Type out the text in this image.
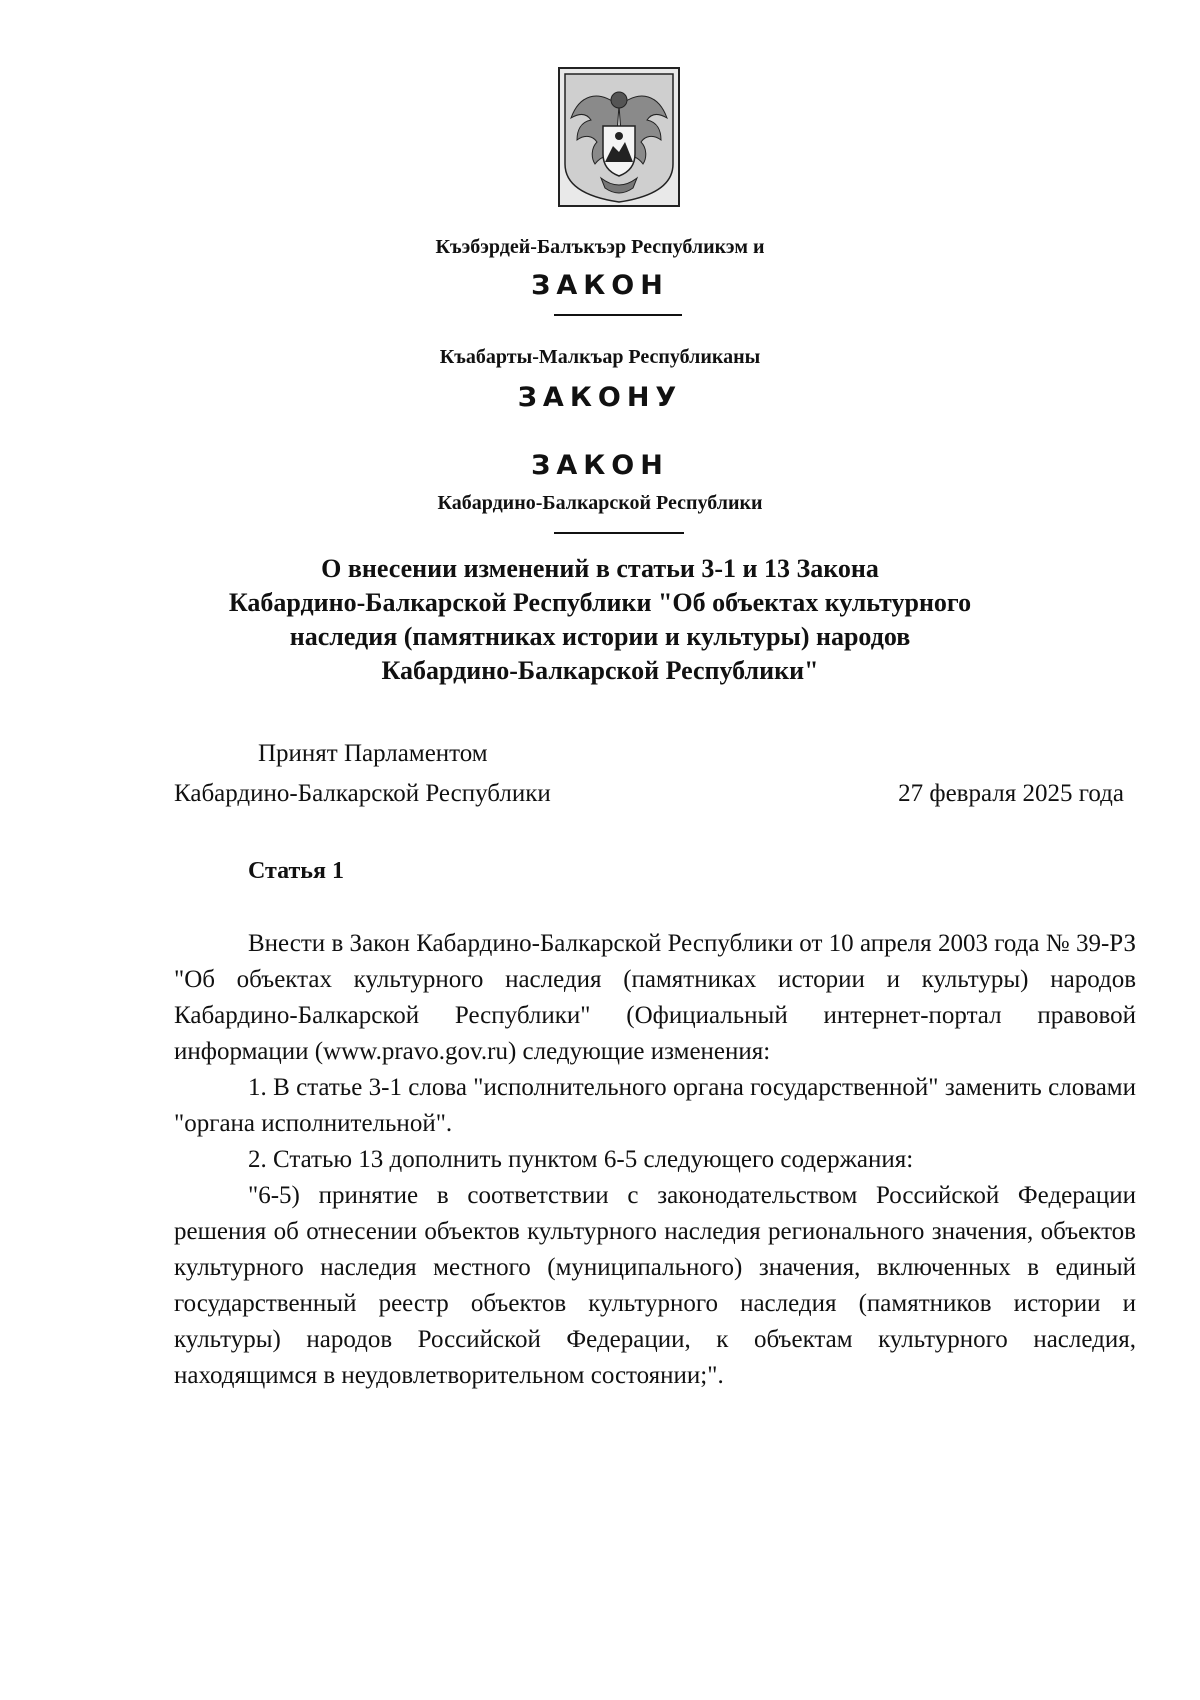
Къэбэрдей-Балъкъэр Республикэм и
ЗАКОН
Къабарты-Малкъар Республиканы
ЗАКОНУ
ЗАКОН
Кабардино-Балкарской Республики
О внесении изменений в статьи 3-1 и 13 Закона
Кабардино-Балкарской Республики "Об объектах культурного
наследия (памятниках истории и культуры) народов
Кабардино-Балкарской Республики"
Принят Парламентом
Кабардино-Балкарской Республики	27 февраля 2025 года
Статья 1

Внести в Закон Кабардино-Балкарской Республики от 10 апреля 2003 года № 39-РЗ "Об объектах культурного наследия (памятниках истории и культуры) народов Кабардино-Балкарской Республики" (Официальный интернет-портал правовой информации (www.pravo.gov.ru) следующие изменения:

1. В статье 3-1 слова "исполнительного органа государственной" заменить словами "органа исполнительной".

2. Статью 13 дополнить пунктом 6-5 следующего содержания:

"6-5) принятие в соответствии с законодательством Российской Федерации решения об отнесении объектов культурного наследия регионального значения, объектов культурного наследия местного (муниципального) значения, включенных в единый государственный реестр объектов культурного наследия (памятников истории и культуры) народов Российской Федерации, к объектам культурного наследия, находящимся в неудовлетворительном состоянии;".
